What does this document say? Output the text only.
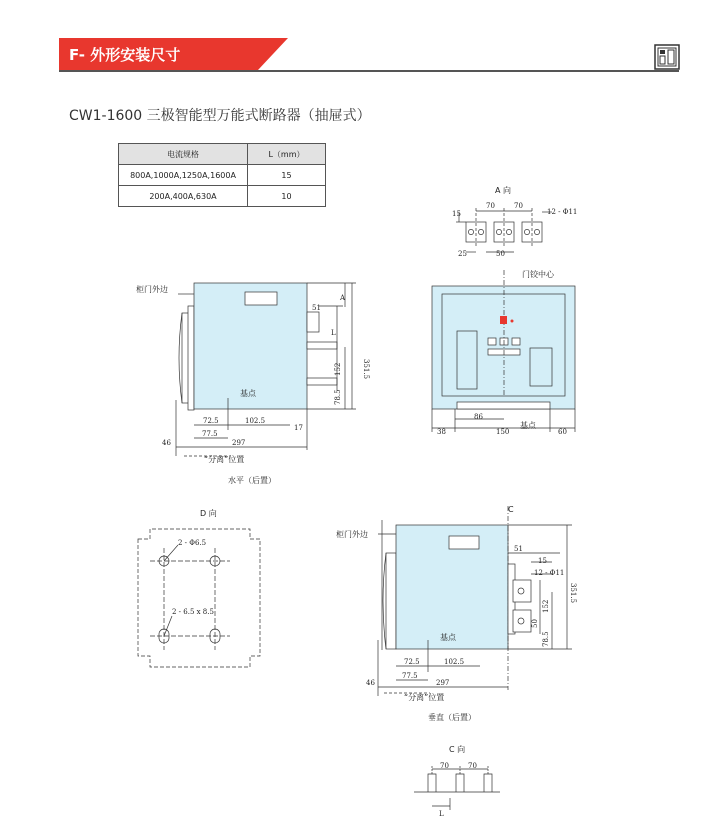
F- 外形安装尺寸
CW1-1600 三极智能型万能式断路器（抽屉式）
电流规格	L（mm）
800A,1000A,1250A,1600A	15
200A,400A,630A	10
A 向
15
70	70
12 - Φ11
25	50
柜门外边
A
51
L
351.5
152
78.5
基点
72.5	102.5
17
77.5
46	297
“分离”位置
水平（后置）
门铰中心
38
86
150
基点
60
D 向
2 - Φ6.5
2 - 6.5 x 8.5
C
柜门外边
51
15
12 - Φ11
351.5
152
50
78.5
基点
72.5	102.5
46
77.5
297
“分离”位置
垂直（后置）
C 向
70	70
L
